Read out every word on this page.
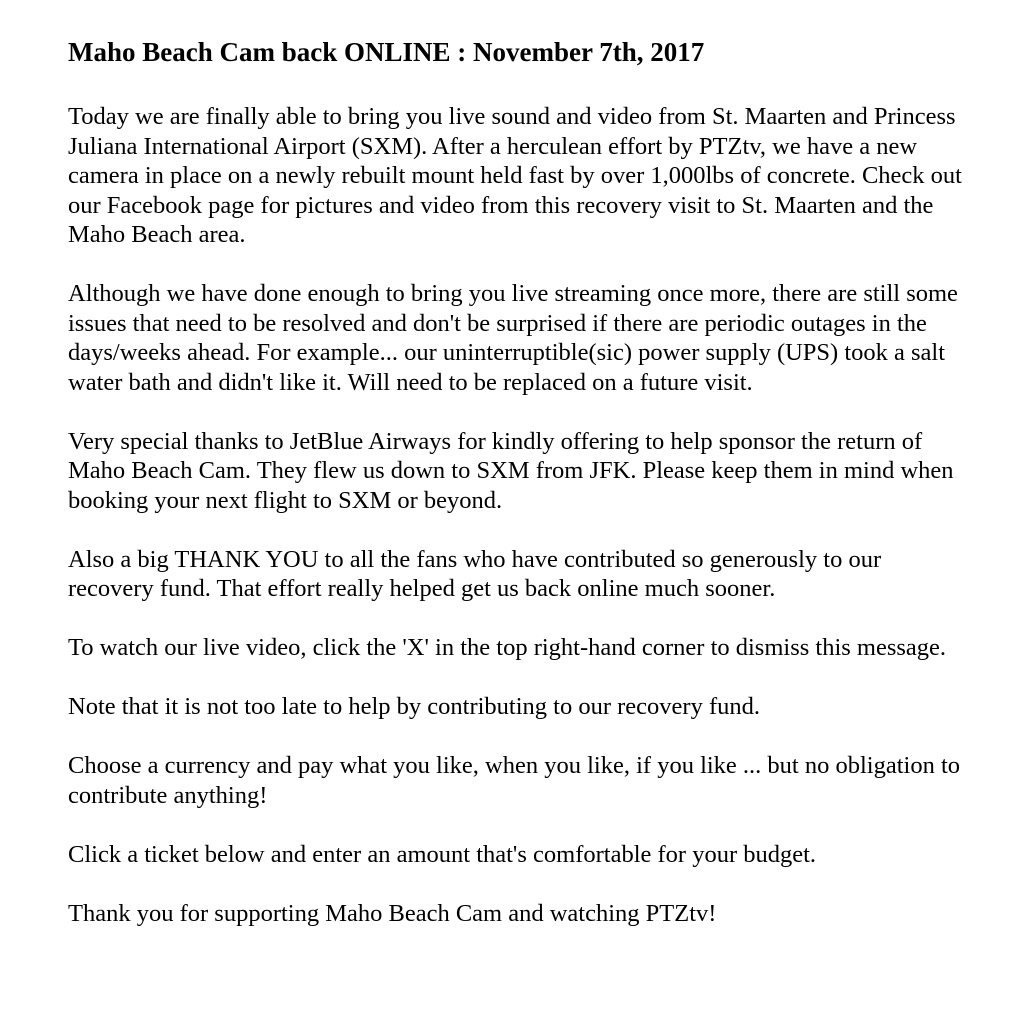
Maho Beach Cam back ONLINE : November 7th, 2017

Today we are finally able to bring you live sound and video from St. Maarten and Princess Juliana International Airport (SXM). After a herculean effort by PTZtv, we have a new camera in place on a newly rebuilt mount held fast by over 1,000lbs of concrete. Check out our Facebook page for pictures and video from this recovery visit to St. Maarten and the Maho Beach area.

Although we have done enough to bring you live streaming once more, there are still some issues that need to be resolved and don't be surprised if there are periodic outages in the days/weeks ahead. For example... our uninterruptible(sic) power supply (UPS) took a salt water bath and didn't like it. Will need to be replaced on a future visit.

Very special thanks to JetBlue Airways for kindly offering to help sponsor the return of Maho Beach Cam. They flew us down to SXM from JFK. Please keep them in mind when booking your next flight to SXM or beyond.

Also a big THANK YOU to all the fans who have contributed so generously to our recovery fund. That effort really helped get us back online much sooner.

To watch our live video, click the 'X' in the top right-hand corner to dismiss this message.

Note that it is not too late to help by contributing to our recovery fund.

Choose a currency and pay what you like, when you like, if you like ... but no obligation to contribute anything!

Click a ticket below and enter an amount that's comfortable for your budget.

Thank you for supporting Maho Beach Cam and watching PTZtv!
